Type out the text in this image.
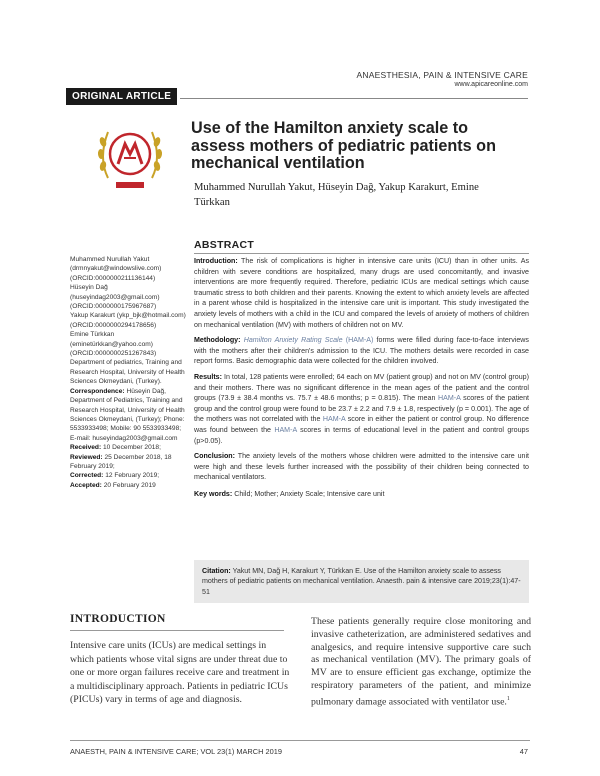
ANAESTHESIA, PAIN & INTENSIVE CARE
www.apicareonline.com
ORIGINAL ARTICLE
Use of the Hamilton anxiety scale to assess mothers of pediatric patients on mechanical ventilation
Muhammed Nurullah Yakut, Hüseyin Dağ, Yakup Karakurt, Emine Türkkan
ABSTRACT

Introduction: The risk of complications is higher in intensive care units (ICU) than in other units. As children with severe conditions are hospitalized, many drugs are used concomitantly, and invasive interventions are more frequently required. Therefore, pediatric ICUs are medical settings which cause traumatic stress to both children and their parents. Knowing the extent to which anxiety levels are affected in a parent whose child is hospitalized in the intensive care unit is important. This study investigated the anxiety levels of mothers with a child in the ICU and compared the levels of anxiety of mothers of children on mechanical ventilation (MV) with mothers of children not on MV.

Methodology: Hamilton Anxiety Rating Scale (HAM-A) forms were filled during face-to-face interviews with the mothers after their children's admission to the ICU. The mothers details were recorded in case report forms. Basic demographic data were collected for the children involved.

Results: In total, 128 patients were enrolled; 64 each on MV (patient group) and not on MV (control group) and their mothers. There was no significant difference in the mean ages of the patient and the control groups (73.9 ± 38.4 months vs. 75.7 ± 48.6 months; p = 0.815). The mean HAM-A scores of the patient group and the control group were found to be 23.7 ± 2.2 and 7.9 ± 1.8, respectively (p = 0.001). The age of the mothers was not correlated with the HAM-A score in either the patient or control group. No difference was found between the HAM-A scores in terms of educational level in the patient and control groups (p>0.05).

Conclusion: The anxiety levels of the mothers whose children were admitted to the intensive care unit were high and these levels further increased with the possibility of their children being connected to mechanical ventilators.

Key words: Child; Mother; Anxiety Scale; Intensive care unit

Muhammed Nurullah Yakut (drmnyakut@windowslive.com) (ORCID:0000000211136144)
Hüseyin Dağ (huseyindag2003@gmail.com) (ORCID:0000000175967687)
Yakup Karakurt (ykp_bjk@hotmail.com) (ORCID:0000000294178656)
Emine Türkkan (eminetürkkan@yahoo.com) (ORCID:0000000251267843)
Department of pediatrics, Training and Research Hospital, University of Health Sciences Okmeydani, (Turkey).
Correspondence: Hüseyin Dağ, Department of Pediatrics, Training and Research Hospital, University of Health Sciences Okmeydani, (Turkey); Phone: 5533933498; Mobile: 90 5533933498; E-mail: huseyindag2003@gmail.com
Received: 10 December 2018;
Reviewed: 25 December 2018, 18 February 2019;
Corrected: 12 February 2019;
Accepted: 20 February 2019
Citation: Yakut MN, Dağ H, Karakurt Y, Türkkan E. Use of the Hamilton anxiety scale to assess mothers of pediatric patients on mechanical ventilation. Anaesth. pain & intensive care 2019;23(1):47-51
INTRODUCTION
Intensive care units (ICUs) are medical settings in which patients whose vital signs are under threat due to one or more organ failures receive care and treatment in a multidisciplinary approach. Patients in pediatric ICUs (PICUs) vary in terms of age and diagnosis.
These patients generally require close monitoring and invasive catheterization, are administered sedatives and analgesics, and require intensive supportive care such as mechanical ventilation (MV). The primary goals of MV are to ensure efficient gas exchange, optimize the respiratory parameters of the patient, and minimize pulmonary damage associated with ventilator use.$^1$
ANAESTH, PAIN & INTENSIVE CARE; VOL 23(1) MARCH 2019	47
